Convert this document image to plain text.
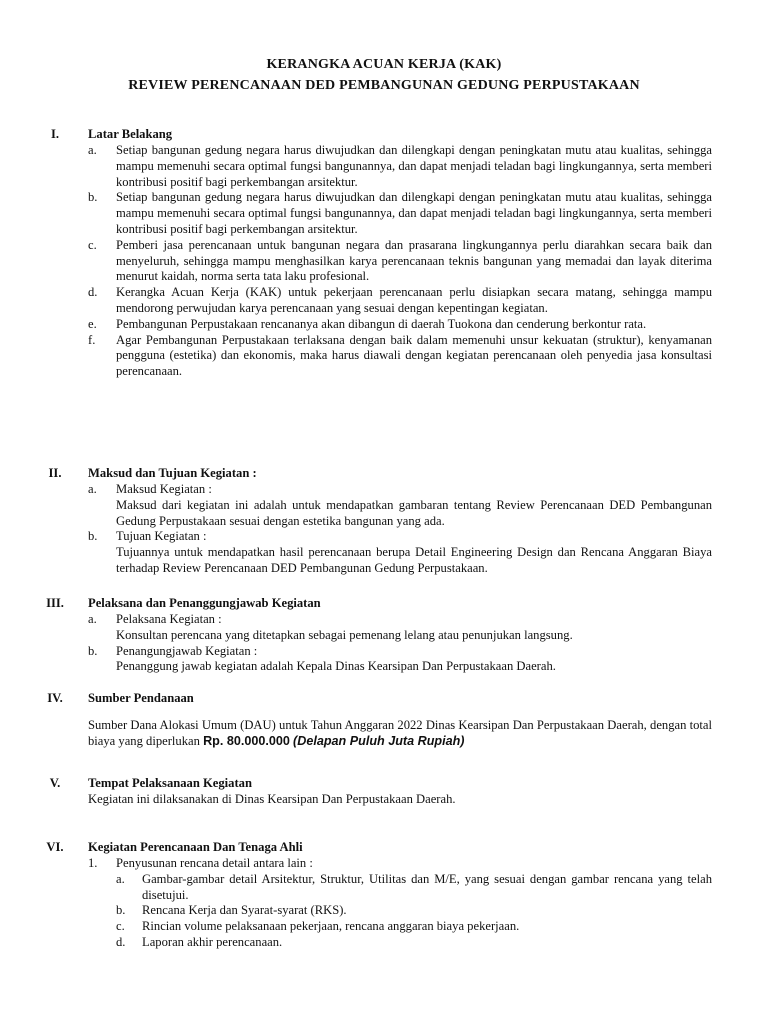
KERANGKA ACUAN KERJA (KAK)
REVIEW PERENCANAAN DED PEMBANGUNAN GEDUNG PERPUSTAKAAN
I.	Latar Belakang
a. Setiap bangunan gedung negara harus diwujudkan dan dilengkapi dengan peningkatan mutu atau kualitas, sehingga mampu memenuhi secara optimal fungsi bangunannya, dan dapat menjadi teladan bagi lingkungannya, serta memberi kontribusi positif bagi perkembangan arsitektur.
b. Setiap bangunan gedung negara harus diwujudkan dan dilengkapi dengan peningkatan mutu atau kualitas, sehingga mampu memenuhi secara optimal fungsi bangunannya, dan dapat menjadi teladan bagi lingkungannya, serta memberi kontribusi positif bagi perkembangan arsitektur.
c. Pemberi jasa perencanaan untuk bangunan negara dan prasarana lingkungannya perlu diarahkan secara baik dan menyeluruh, sehingga mampu menghasilkan karya perencanaan teknis bangunan yang memadai dan layak diterima menurut kaidah, norma serta tata laku profesional.
d. Kerangka Acuan Kerja (KAK) untuk pekerjaan perencanaan perlu disiapkan secara matang, sehingga mampu mendorong perwujudan karya perencanaan yang sesuai dengan kepentingan kegiatan.
e. Pembangunan Perpustakaan rencananya akan dibangun di daerah Tuokona dan cenderung berkontur rata.
f. Agar Pembangunan Perpustakaan terlaksana dengan baik dalam memenuhi unsur kekuatan (struktur), kenyamanan pengguna (estetika) dan ekonomis, maka harus diawali dengan kegiatan perencanaan oleh penyedia jasa konsultasi perencanaan.
II.	Maksud dan Tujuan Kegiatan :
a. Maksud Kegiatan :
Maksud dari kegiatan ini adalah untuk mendapatkan gambaran tentang Review Perencanaan DED Pembangunan Gedung Perpustakaan sesuai dengan estetika bangunan yang ada.
b. Tujuan Kegiatan :
Tujuannya untuk mendapatkan hasil perencanaan berupa Detail Engineering Design dan Rencana Anggaran Biaya terhadap Review Perencanaan DED Pembangunan Gedung Perpustakaan.
III.	Pelaksana dan Penanggungjawab Kegiatan
a. Pelaksana Kegiatan :
Konsultan perencana yang ditetapkan sebagai pemenang lelang atau penunjukan langsung.
b. Penangungjawab Kegiatan :
Penanggung jawab kegiatan adalah Kepala Dinas Kearsipan Dan Perpustakaan Daerah.
IV.	Sumber Pendanaan
Sumber Dana Alokasi Umum (DAU) untuk Tahun Anggaran 2022 Dinas Kearsipan Dan Perpustakaan Daerah, dengan total biaya yang diperlukan Rp. 80.000.000 (Delapan Puluh Juta Rupiah)
V.	Tempat Pelaksanaan Kegiatan
Kegiatan ini dilaksanakan di Dinas Kearsipan Dan Perpustakaan Daerah.
VI.	Kegiatan Perencanaan Dan Tenaga Ahli
1. Penyusunan rencana detail antara lain :
a. Gambar-gambar detail Arsitektur, Struktur, Utilitas dan M/E, yang sesuai dengan gambar rencana yang telah disetujui.
b. Rencana Kerja dan Syarat-syarat (RKS).
c. Rincian volume pelaksanaan pekerjaan, rencana anggaran biaya pekerjaan.
d. Laporan akhir perencanaan.
